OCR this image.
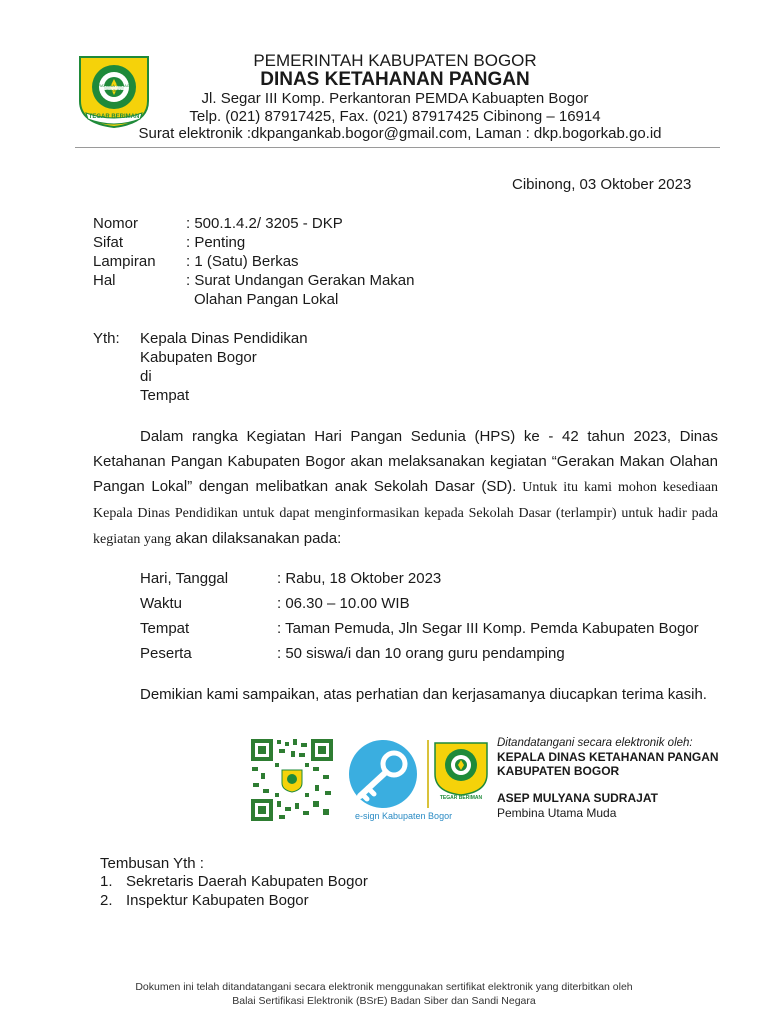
TEGAR BERIMAN
PRAYOGA TOHAGA SAYAGA
PEMERINTAH KABUPATEN BOGOR
DINAS KETAHANAN PANGAN
Jl. Segar III Komp. Perkantoran PEMDA Kabuapten Bogor
Telp. (021) 87917425, Fax. (021) 87917425 Cibinong – 16914
Surat elektronik :dkpangankab.bogor@gmail.com, Laman : dkp.bogorkab.go.id
Cibinong, 03 Oktober 2023
Nomor	: 500.1.4.2/ 3205 - DKP
Sifat	: Penting
Lampiran : 1 (Satu) Berkas
Hal	: Surat Undangan Gerakan Makan
Olahan Pangan Lokal
Yth: Kepala Dinas Pendidikan
Kabupaten Bogor
di
Tempat
Dalam rangka Kegiatan Hari Pangan Sedunia (HPS) ke - 42 tahun 2023, Dinas Ketahanan Pangan Kabupaten Bogor akan melaksanakan kegiatan “Gerakan Makan Olahan Pangan Lokal” dengan melibatkan anak Sekolah Dasar (SD). Untuk itu kami mohon kesediaan Kepala Dinas Pendidikan untuk dapat menginformasikan kepada Sekolah Dasar (terlampir) untuk hadir pada kegiatan yang akan dilaksanakan pada:
Hari, Tanggal	: Rabu, 18 Oktober 2023
Waktu	: 06.30 – 10.00 WIB
Tempat	: Taman Pemuda, Jln Segar III Komp. Pemda Kabupaten Bogor
Peserta	: 50 siswa/i dan 10 orang guru pendamping
Demikian kami sampaikan, atas perhatian dan kerjasamanya diucapkan terima kasih.
e-sign Kabupaten Bogor
TEGAR BERIMAN
Ditandatangani secara elektronik oleh:
KEPALA DINAS KETAHANAN PANGAN
KABUPATEN BOGOR
ASEP MULYANA SUDRAJAT
Pembina Utama Muda
Tembusan Yth :
1. Sekretaris Daerah Kabupaten Bogor
2. Inspektur Kabupaten Bogor
Dokumen ini telah ditandatangani secara elektronik menggunakan sertifikat elektronik yang diterbitkan oleh
Balai Sertifikasi Elektronik (BSrE) Badan Siber dan Sandi Negara
